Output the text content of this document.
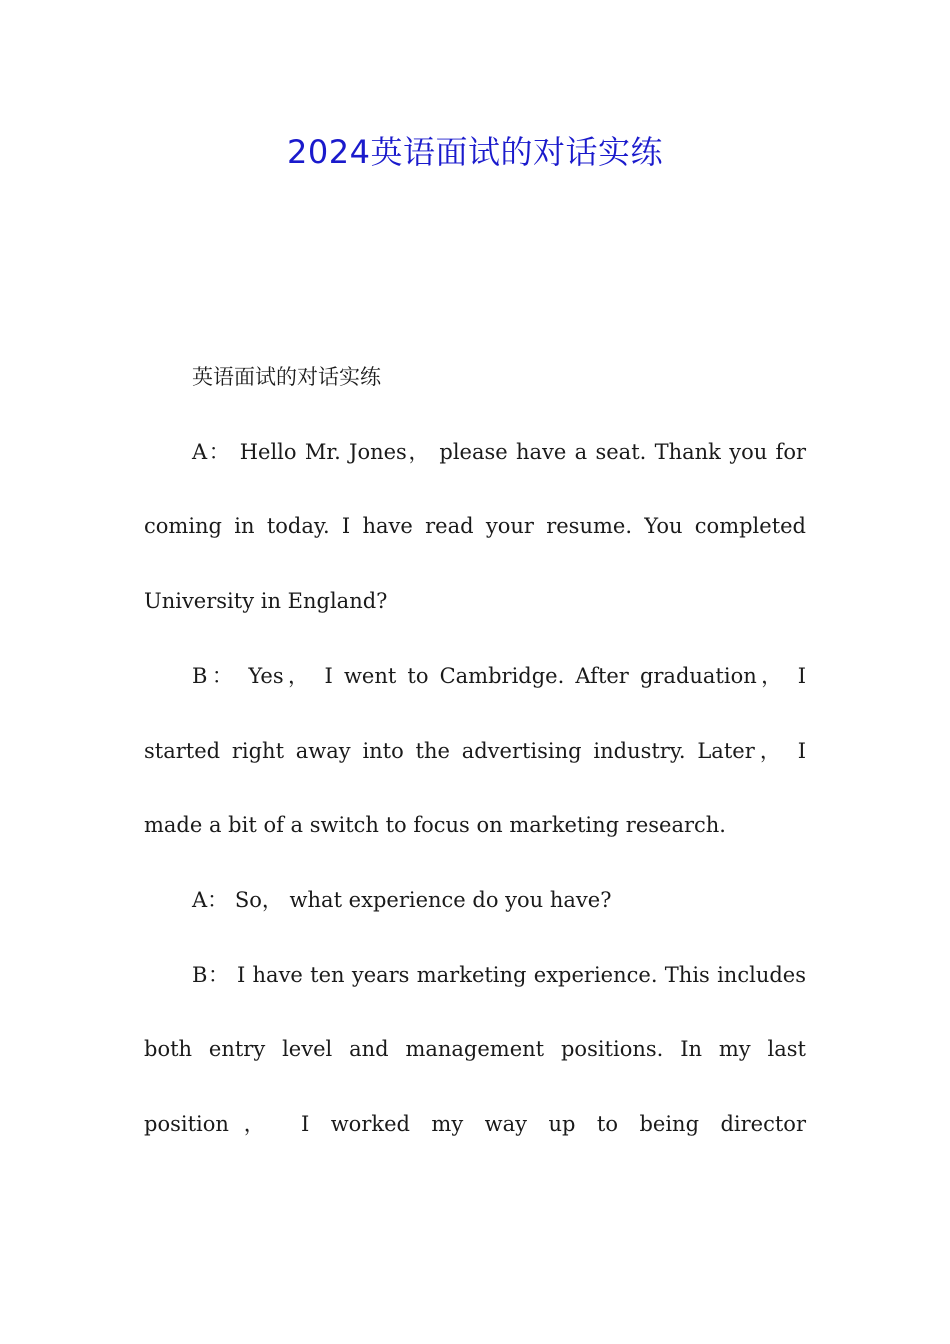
2024英语面试的对话实练

英语面试的对话实练

A： Hello Mr. Jones， please have a seat. Thank you for coming in today. I have read your resume. You completed University in England?

B： Yes， I went to Cambridge. After graduation， I started right away into the advertising industry. Later， I made a bit of a switch to focus on marketing research.

A： So， what experience do you have?

B： I have ten years marketing experience. This includes both entry level and management positions. In my last position， I worked my way up to being director
